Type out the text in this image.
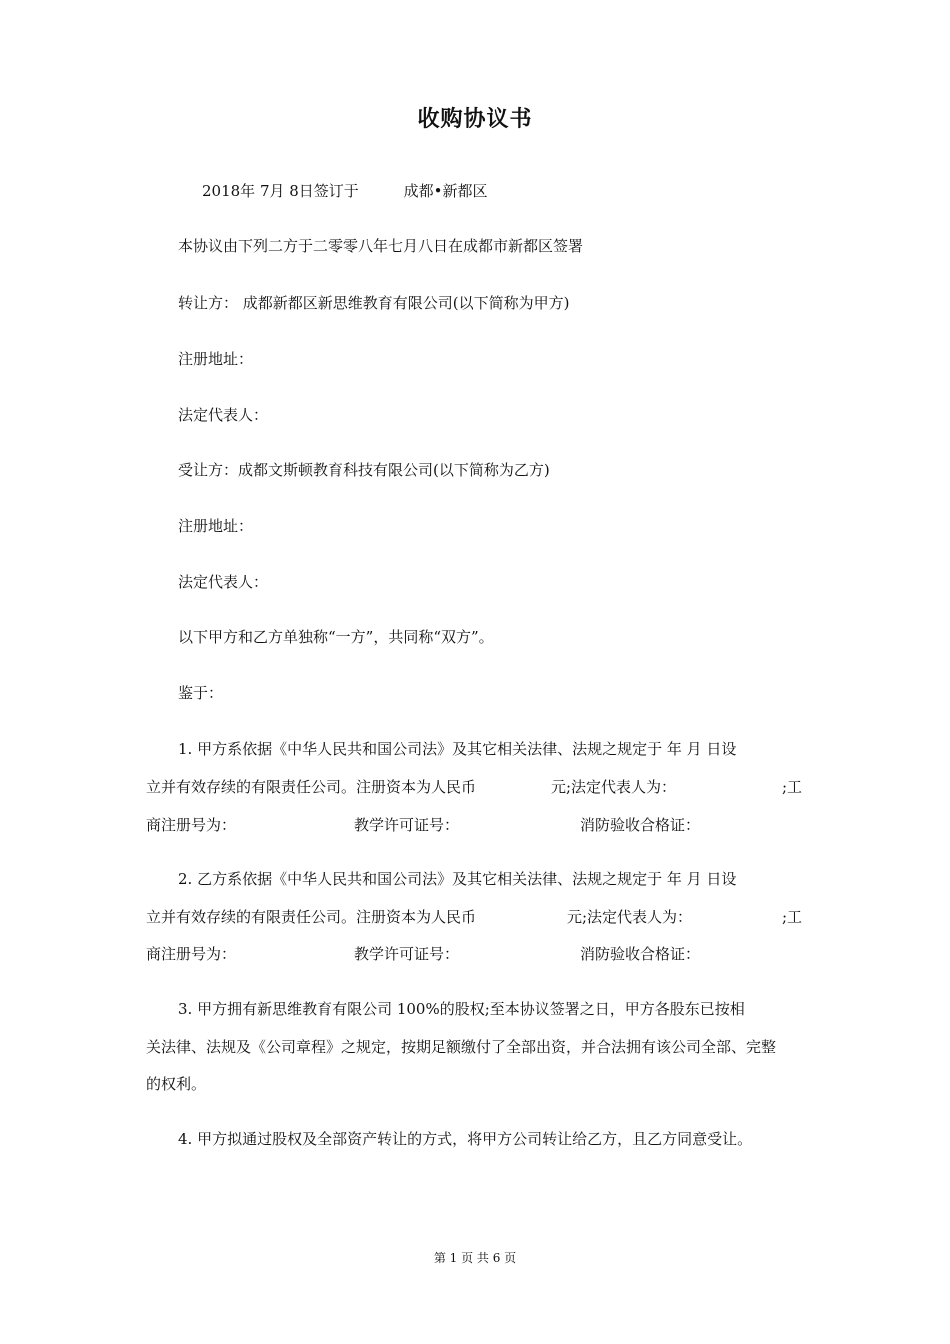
收购协议书
2018年 7月 8日签订于	成都•新都区
本协议由下列二方于二零零八年七月八日在成都市新都区签署
转让方： 成都新都区新思维教育有限公司(以下简称为甲方)
注册地址：
法定代表人：
受让方：成都文斯顿教育科技有限公司(以下简称为乙方)
注册地址：
法定代表人：
以下甲方和乙方单独称“一方”，共同称“双方”。
鉴于：
1. 甲方系依据《中华人民共和国公司法》及其它相关法律、法规之规定于 年 月 日设
立并有效存续的有限责任公司。注册资本为人民币	元;法定代表人为：	;工
商注册号为：	教学许可证号：	消防验收合格证：
2. 乙方系依据《中华人民共和国公司法》及其它相关法律、法规之规定于 年 月 日设
立并有效存续的有限责任公司。注册资本为人民币	元;法定代表人为：	;工
商注册号为：	教学许可证号：	消防验收合格证：
3. 甲方拥有新思维教育有限公司 100%的股权;至本协议签署之日，甲方各股东已按相
关法律、法规及《公司章程》之规定，按期足额缴付了全部出资，并合法拥有该公司全部、完整
的权利。
4. 甲方拟通过股权及全部资产转让的方式，将甲方公司转让给乙方，且乙方同意受让。
第 1 页 共 6 页
